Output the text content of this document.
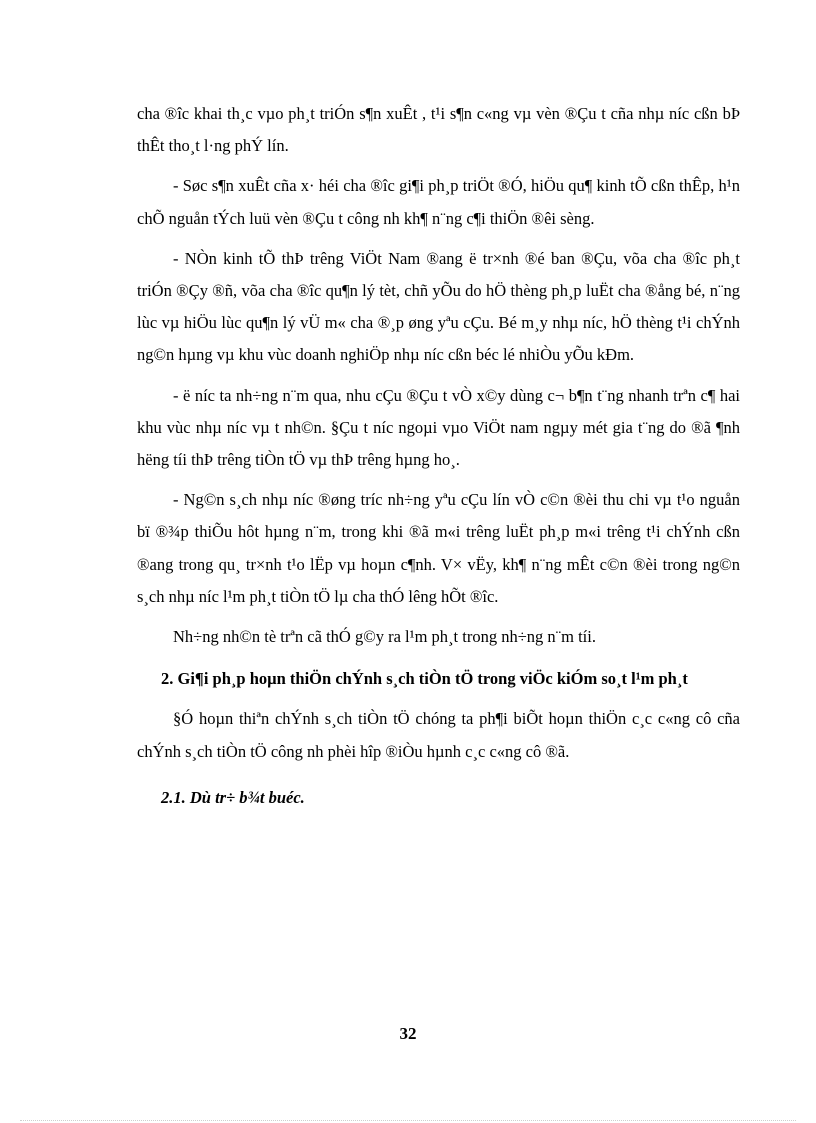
cha ®îc khai th¸c vµo ph¸t triÓn s¶n xuÊt , t¹i s¶n c«ng vµ vèn ®Çu t cña nhµ níc cßn bÞ thÊt tho¸t l·ng phÝ lín.

- Søc s¶n xuÊt cña x· héi cha ®îc gi¶i ph¸p triÖt ®Ó, hiÖu qu¶ kinh tÕ cßn thÊp, h¹n chÕ nguån tÝch luü vèn ®Çu t công nh kh¶ n¨ng c¶i thiÖn ®êi sèng.

- NÒn kinh tÕ thÞ trêng ViÖt Nam ®ang ë tr×nh ®é ban ®Çu, võa cha ®îc ph¸t triÓn ®Çy ®ñ, võa cha ®îc qu¶n lý tèt, chñ yÕu do hÖ thèng ph¸p luËt cha ®ång bé, n¨ng lùc vµ hiÖu lùc qu¶n lý vÜ m« cha ®¸p øng yªu cÇu. Bé m¸y nhµ níc, hÖ thèng t¹i chÝnh ng©n hµng vµ khu vùc doanh nghiÖp nhµ níc cßn béc lé nhiÒu yÕu kÐm.

- ë níc ta nh÷ng n¨m qua, nhu cÇu ®Çu t vÒ x©y dùng c¬ b¶n t¨ng nhanh trªn c¶ hai khu vùc nhµ níc vµ t nh©n. §Çu t níc ngoµi vµo ViÖt nam ngµy mét gia t¨ng do ®ã ¶nh hëng tíi thÞ trêng tiÒn tÖ vµ thÞ trêng hµng ho¸.

- Ng©n s¸ch nhµ níc ®øng tríc nh÷ng yªu cÇu lín vÒ c©n ®èi thu chi vµ t¹o nguån bï ®¾p thiÕu hôt hµng n¨m, trong khi ®ã m«i trêng luËt ph¸p m«i trêng t¹i chÝnh cßn ®ang trong qu¸ tr×nh t¹o lËp vµ hoµn c¶nh. V× vËy, kh¶ n¨ng mÊt c©n ®èi trong ng©n s¸ch nhµ níc l¹m ph¸t tiÒn tÖ lµ cha thÓ lêng hÕt ®îc.

Nh÷ng nh©n tè trªn cã thÓ g©y ra l¹m ph¸t trong nh÷ng n¨m tíi.

2. Gi¶i ph¸p hoµn thiÖn chÝnh s¸ch tiÒn tÖ trong viÖc kiÓm so¸t l¹m ph¸t

§Ó hoµn thiªn chÝnh s¸ch tiÒn tÖ chóng ta ph¶i biÕt hoµn thiÖn c¸c c«ng cô cña chÝnh s¸ch tiÒn tÖ công nh phèi hîp ®iÒu hµnh c¸c c«ng cô ®ã.

2.1. Dù tr÷ b¾t buéc.
32
